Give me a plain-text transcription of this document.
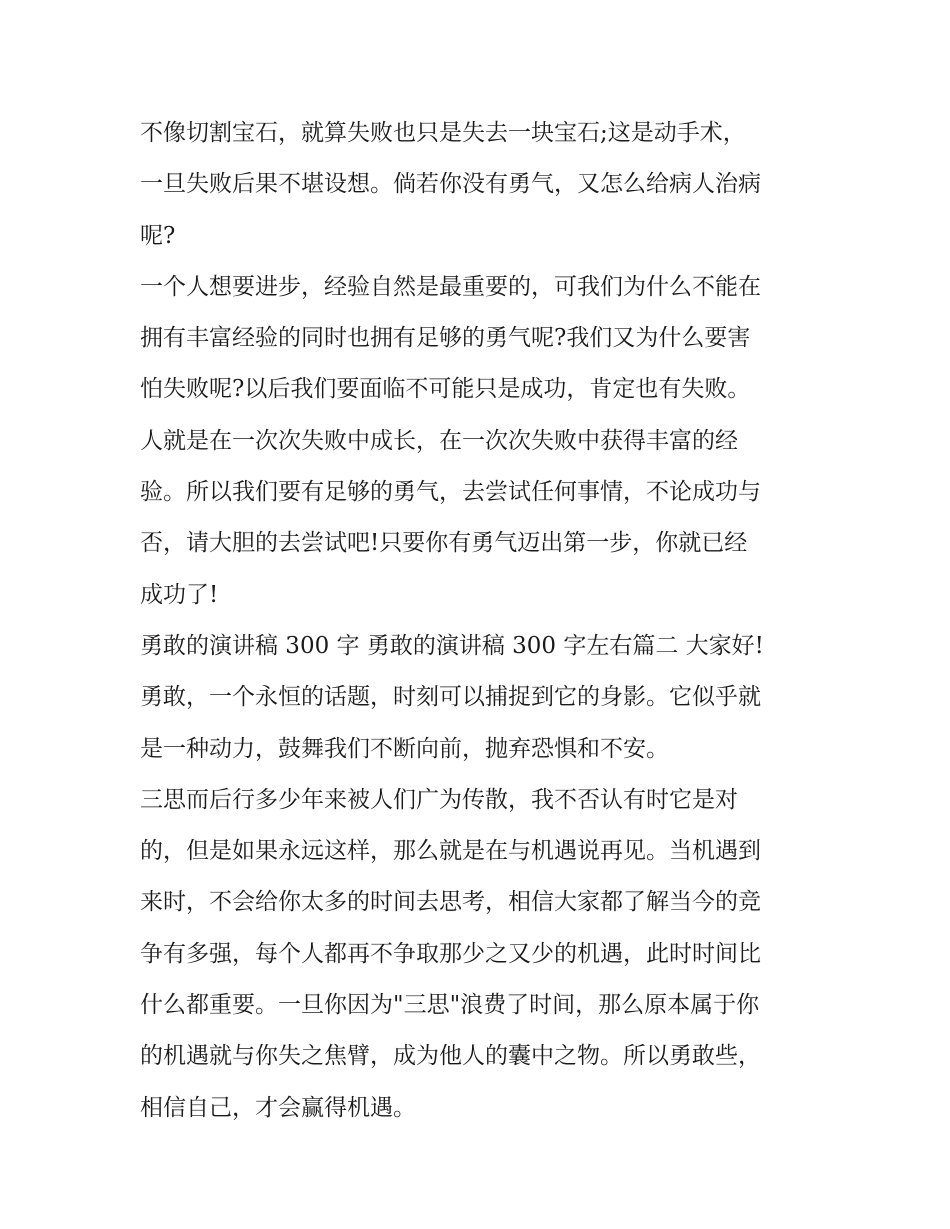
不像切割宝石，就算失败也只是失去一块宝石;这是动手术，
一旦失败后果不堪设想。倘若你没有勇气，又怎么给病人治病
呢?
一个人想要进步，经验自然是最重要的，可我们为什么不能在
拥有丰富经验的同时也拥有足够的勇气呢?我们又为什么要害
怕失败呢?以后我们要面临不可能只是成功，肯定也有失败。
人就是在一次次失败中成长，在一次次失败中获得丰富的经
验。所以我们要有足够的勇气，去尝试任何事情，不论成功与
否，请大胆的去尝试吧!只要你有勇气迈出第一步，你就已经
成功了!
勇敢的演讲稿 300 字 勇敢的演讲稿 300 字左右篇二 大家好!
勇敢，一个永恒的话题，时刻可以捕捉到它的身影。它似乎就
是一种动力，鼓舞我们不断向前，抛弃恐惧和不安。
三思而后行多少年来被人们广为传散，我不否认有时它是对
的，但是如果永远这样，那么就是在与机遇说再见。当机遇到
来时，不会给你太多的时间去思考，相信大家都了解当今的竞
争有多强，每个人都再不争取那少之又少的机遇，此时时间比
什么都重要。一旦你因为"三思"浪费了时间，那么原本属于你
的机遇就与你失之焦臂，成为他人的囊中之物。所以勇敢些，
相信自己，才会赢得机遇。
